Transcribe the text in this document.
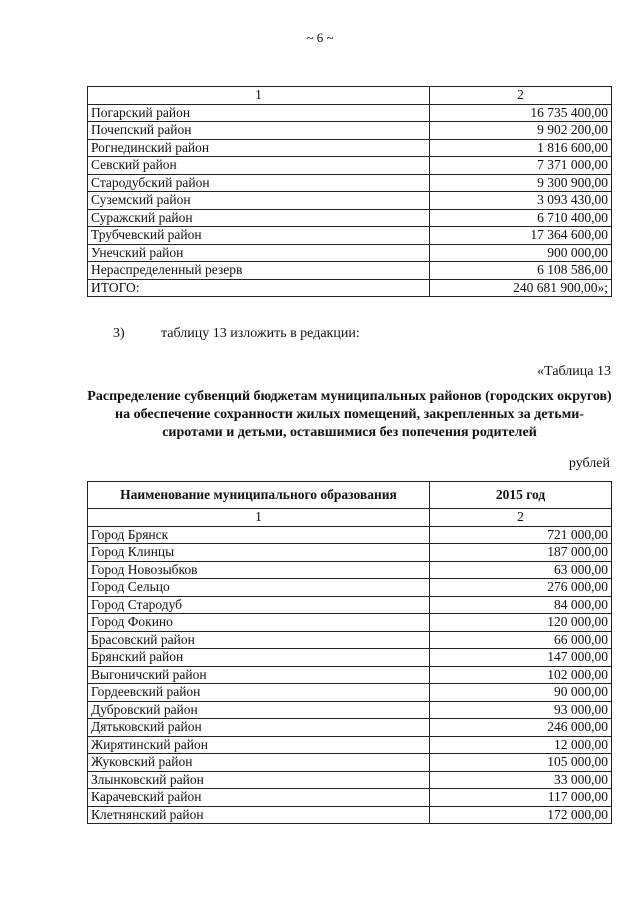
~ 6 ~
1	2
Погарский район	16 735 400,00
Почепский район	9 902 200,00
Рогнединский район	1 816 600,00
Севский район	7 371 000,00
Стародубский район	9 300 900,00
Суземский район	3 093 430,00
Суражский район	6 710 400,00
Трубчевский район	17 364 600,00
Унечский район	900 000,00
Нераспределенный резерв	6 108 586,00
ИТОГО:	240 681 900,00»;
3)	таблицу 13 изложить в редакции:
«Таблица 13
Распределение субвенций бюджетам муниципальных районов (городских округов) на обеспечение сохранности жилых помещений, закрепленных за детьми-сиротами и детьми, оставшимися без попечения родителей
рублей
Наименование муниципального образования	2015 год
1	2
Город Брянск	721 000,00
Город Клинцы	187 000,00
Город Новозыбков	63 000,00
Город Сельцо	276 000,00
Город Стародуб	84 000,00
Город Фокино	120 000,00
Брасовский район	66 000,00
Брянский район	147 000,00
Выгоничский район	102 000,00
Гордеевский район	90 000,00
Дубровский район	93 000,00
Дятьковский район	246 000,00
Жирятинский район	12 000,00
Жуковский район	105 000,00
Злынковский район	33 000,00
Карачевский район	117 000,00
Клетнянский район	172 000,00
